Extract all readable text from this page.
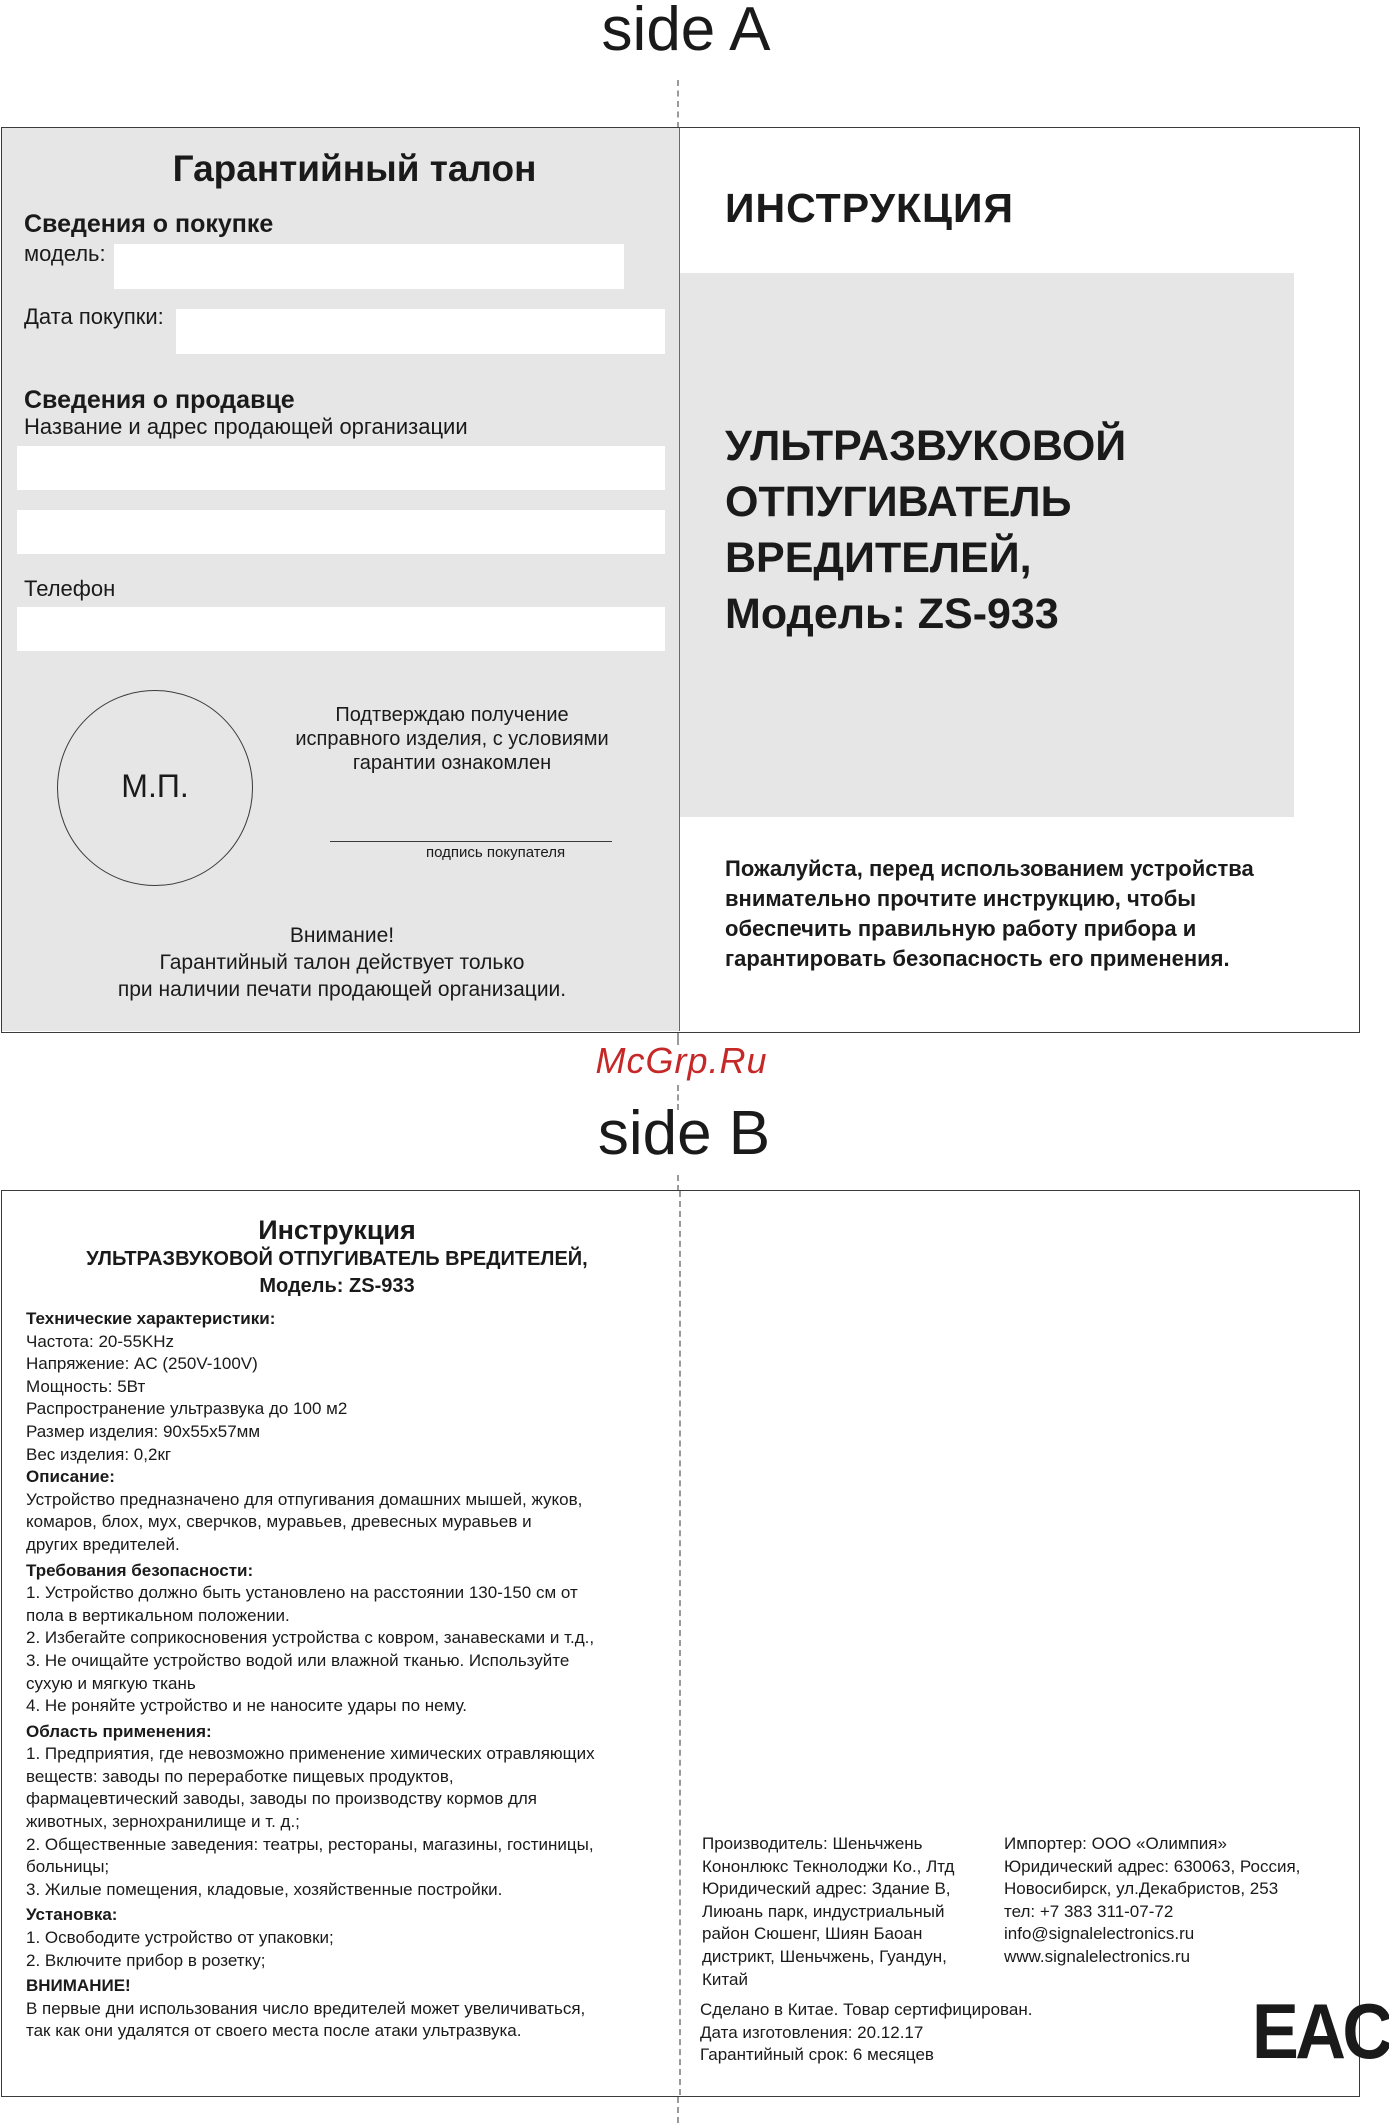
side A
Гарантийный талон
Сведения о покупке
модель:
Дата покупки:
Сведения о продавце
Название и адрес продающей организации
Телефон
М.П.
Подтверждаю получение
исправного изделия, с условиями
гарантии ознакомлен
подпись покупателя
Внимание!
Гарантийный талон действует только
при наличии печати продающей организации.
ИНСТРУКЦИЯ
УЛЬТРАЗВУКОВОЙ
ОТПУГИВАТЕЛЬ
ВРЕДИТЕЛЕЙ,
Модель: ZS-933
Пожалуйста, перед использованием устройства
внимательно прочтите инструкцию, чтобы
обеспечить правильную работу прибора и
гарантировать безопасность его применения.
McGrp.Ru
side B
Инструкция
УЛЬТРАЗВУКОВОЙ ОТПУГИВАТЕЛЬ ВРЕДИТЕЛЕЙ,
Модель: ZS-933
Технические характеристики:
Частота: 20-55KHz
Напряжение: AC (250V-100V)
Мощность: 5Вт
Распространение ультразвука до 100 м2
Размер изделия: 90x55x57мм
Вес изделия: 0,2кг
Описание:
Устройство предназначено для отпугивания домашних мышей, жуков,
комаров, блох, мух, сверчков, муравьев, древесных муравьев и
других вредителей.
Требования безопасности:
1. Устройство должно быть установлено на расстоянии 130-150 см от
пола в вертикальном положении.
2. Избегайте соприкосновения устройства с ковром, занавесками и т.д.,
3. Не очищайте устройство водой или влажной тканью. Используйте
сухую и мягкую ткань
4. Не роняйте устройство и не наносите удары по нему.
Область применения:
1. Предприятия, где невозможно применение химических отравляющих
веществ: заводы по переработке пищевых продуктов,
фармацевтический заводы, заводы по производству кормов для
животных, зернохранилище и т. д.;
2. Общественные заведения: театры, рестораны, магазины, гостиницы,
больницы;
3. Жилые помещения, кладовые, хозяйственные постройки.
Установка:
1. Освободите устройство от упаковки;
2. Включите прибор в розетку;
ВНИМАНИЕ!
В первые дни использования число вредителей может увеличиваться,
так как они удалятся от своего места после атаки ультразвука.
Производитель: Шеньчжень
Кононлюкс Текнолоджи Ко., Лтд
Юридический адрес: Здание В,
Лиюань парк, индустриальный
район Сюшенг, Шиян Баоан
дистрикт, Шеньчжень, Гуандун,
Китай
Импортер: ООО «Олимпия»
Юридический адрес: 630063, Россия,
Новосибирск, ул.Декабристов, 253
тел: +7 383 311-07-72
info@signalelectronics.ru
www.signalelectronics.ru
Сделано в Китае. Товар сертифицирован.
Дата изготовления: 20.12.17
Гарантийный срок: 6 месяцев	EAC
